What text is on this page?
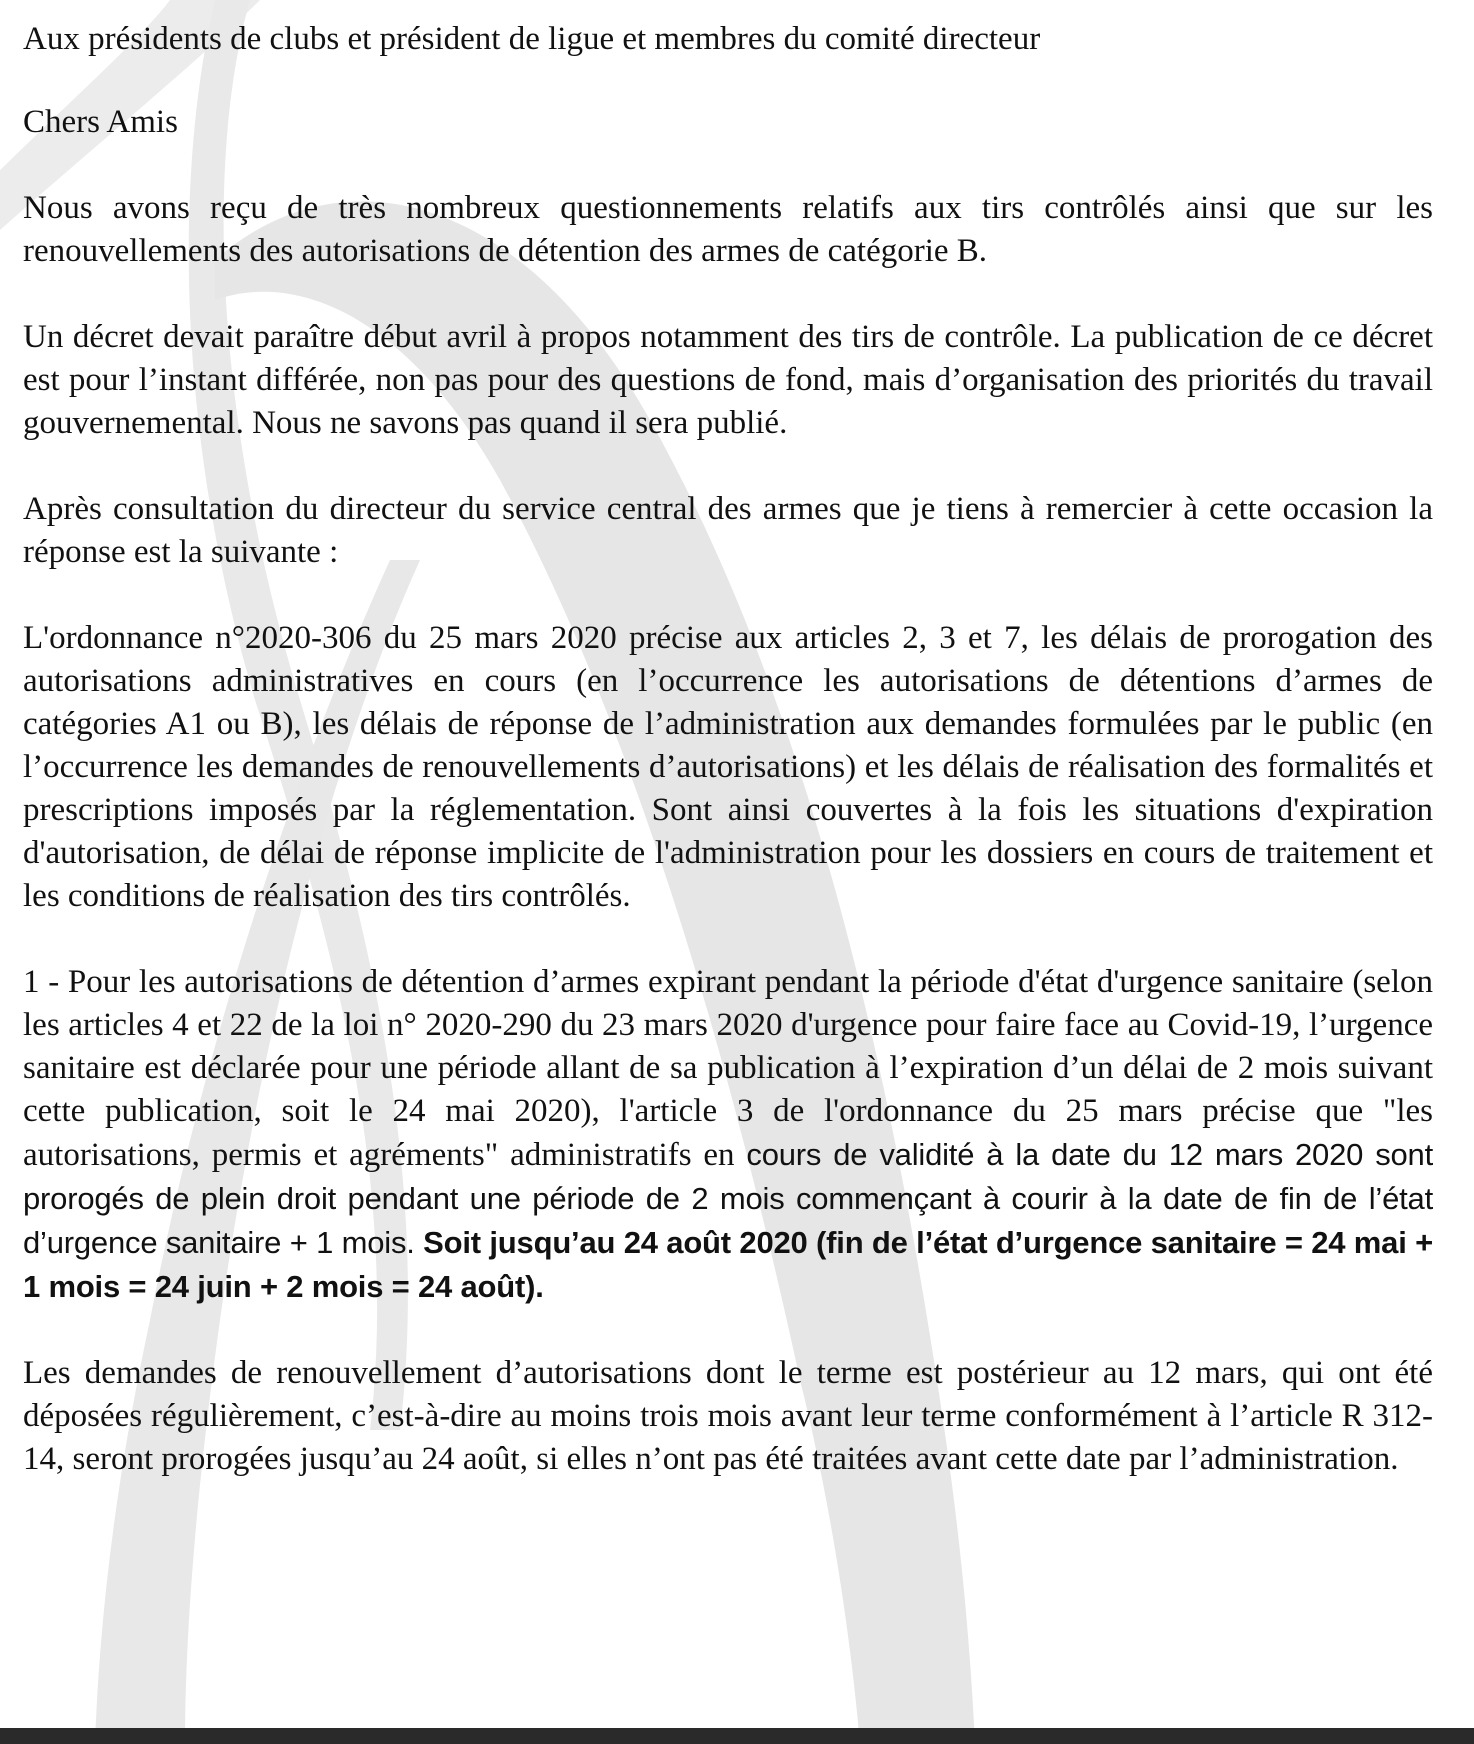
Aux présidents de clubs et président de ligue et membres du comité directeur

Chers Amis

Nous avons reçu de très nombreux questionnements relatifs aux tirs contrôlés ainsi que sur les renouvellements des autorisations de détention des armes de catégorie B.

Un décret devait paraître début avril à propos notamment des tirs de contrôle. La publication de ce décret est pour l’instant différée, non pas pour des questions de fond, mais d’organisation des priorités du travail gouvernemental. Nous ne savons pas quand il sera publié.

Après consultation du directeur du service central des armes que je tiens à remercier à cette occasion la réponse est la suivante :

L'ordonnance n°2020-306 du 25 mars 2020 précise aux articles 2, 3 et 7, les délais de prorogation des autorisations administratives en cours (en l’occurrence les autorisations de détentions d’armes de catégories A1 ou B), les délais de réponse de l’administration aux demandes formulées par le public (en l’occurrence les demandes de renouvellements d’autorisations) et les délais de réalisation des formalités et prescriptions imposés par la réglementation. Sont ainsi couvertes à la fois les situations d'expiration d'autorisation, de délai de réponse implicite de l'administration pour les dossiers en cours de traitement et les conditions de réalisation des tirs contrôlés.

1 - Pour les autorisations de détention d’armes expirant pendant la période d'état d'urgence sanitaire (selon les articles 4 et 22 de la loi n° 2020-290 du 23 mars 2020 d'urgence pour faire face au Covid-19, l’urgence sanitaire est déclarée pour une période allant de sa publication à l’expiration d’un délai de 2 mois suivant cette publication, soit le 24 mai 2020), l'article 3 de l'ordonnance du 25 mars précise que "les autorisations, permis et agréments" administratifs en cours de validité à la date du 12 mars 2020 sont prorogés de plein droit pendant une période de 2 mois commençant à courir à la date de fin de l’état d’urgence sanitaire + 1 mois. Soit jusqu’au 24 août 2020 (fin de l’état d’urgence sanitaire = 24 mai + 1 mois = 24 juin + 2 mois = 24 août).

Les demandes de renouvellement d’autorisations dont le terme est postérieur au 12 mars, qui ont été déposées régulièrement, c’est-à-dire au moins trois mois avant leur terme conformément à l’article R 312-14, seront prorogées jusqu’au 24 août, si elles n’ont pas été traitées avant cette date par l’administration.
